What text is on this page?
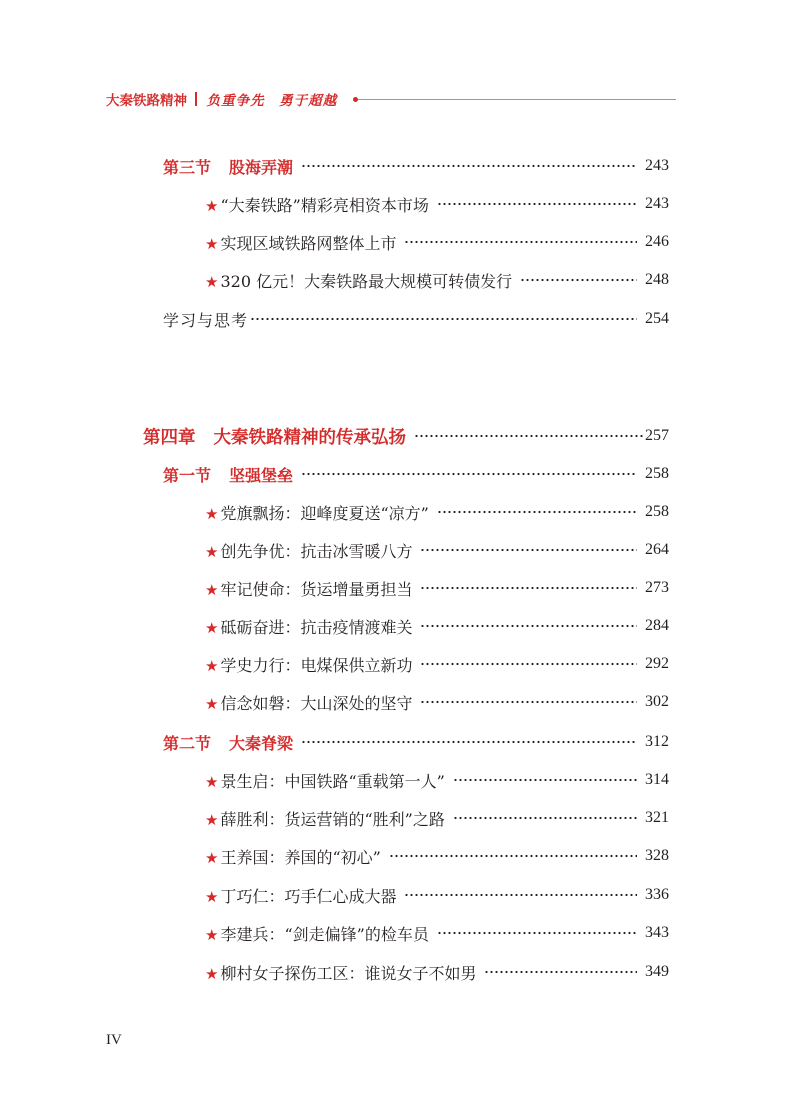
大秦铁路精神 负重争先　勇于超越
第三节 股海弄潮	243
★ “大秦铁路”精彩亮相资本市场	243
★ 实现区域铁路网整体上市	246
★ 320 亿元！大秦铁路最大规模可转债发行	248
学习与思考	254
第四章 大秦铁路精神的传承弘扬	257
第一节 坚强堡垒	258
★ 党旗飘扬：迎峰度夏送“凉方”	258
★ 创先争优：抗击冰雪暖八方	264
★ 牢记使命：货运增量勇担当	273
★ 砥砺奋进：抗击疫情渡难关	284
★ 学史力行：电煤保供立新功	292
★ 信念如磐：大山深处的坚守	302
第二节 大秦脊梁	312
★ 景生启：中国铁路“重载第一人”	314
★ 薛胜利：货运营销的“胜利”之路	321
★ 王养国：养国的“初心”	328
★ 丁巧仁：巧手仁心成大器	336
★ 李建兵：“剑走偏锋”的检车员	343
★ 柳村女子探伤工区：谁说女子不如男	349
IV
